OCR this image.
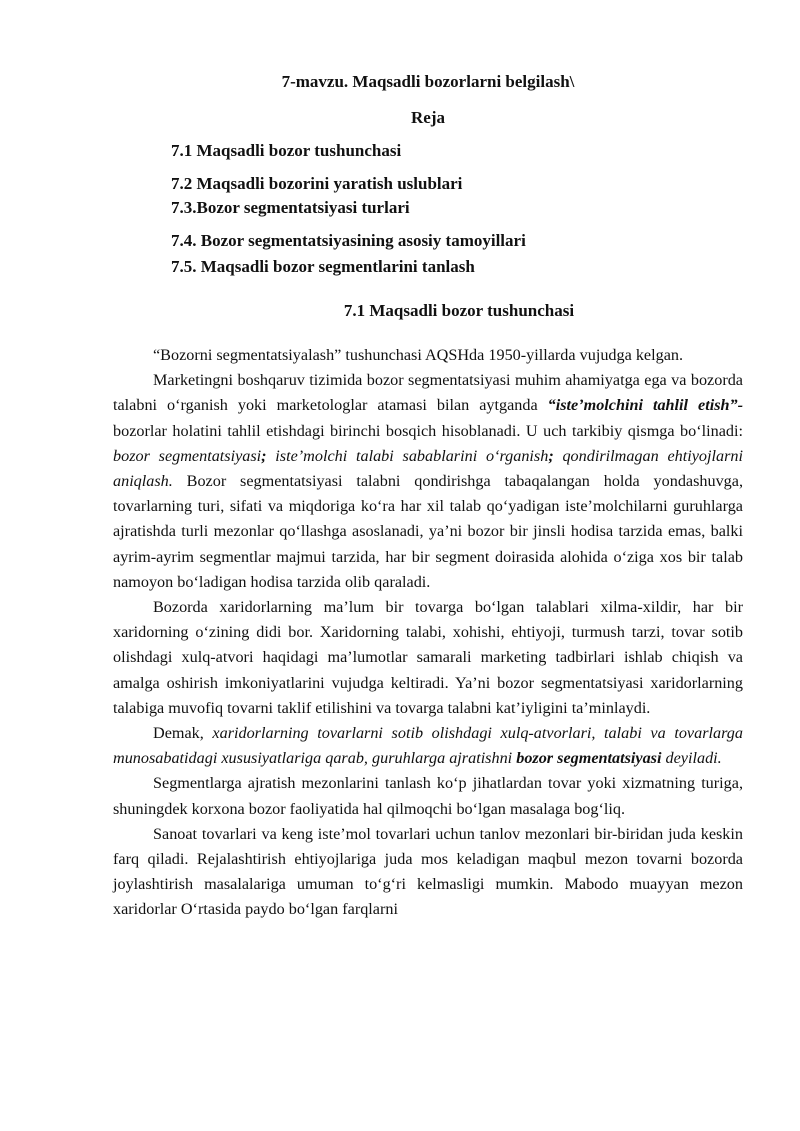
7-mavzu. Maqsadli bozorlarni belgilash\
Reja
7.1 Maqsadli bozor tushunchasi
7.2 Maqsadli bozorini yaratish uslublari
7.3.Bozor segmentatsiyasi turlari
7.4. Bozor segmentatsiyasining asosiy tamoyillari
7.5. Maqsadli bozor segmentlarini tanlash
7.1 Maqsadli bozor tushunchasi

“Bozorni segmentatsiyalash” tushunchasi AQSHda 1950-yillarda vujudga kelgan.

Marketingni boshqaruv tizimida bozor segmentatsiyasi muhim ahamiyatga ega va bozorda talabni o‘rganish yoki marketologlar atamasi bilan aytganda “iste’molchini tahlil etish”- bozorlar holatini tahlil etishdagi birinchi bosqich hisoblanadi. U uch tarkibiy qismga bo‘linadi: bozor segmentatsiyasi; iste’molchi talabi sabablarini o‘rganish; qondirilmagan ehtiyojlarni aniqlash. Bozor segmentatsiyasi talabni qondirishga tabaqalangan holda yondashuvga, tovarlarning turi, sifati va miqdoriga ko‘ra har xil talab qo‘yadigan iste’molchilarni guruhlarga ajratishda turli mezonlar qo‘llashga asoslanadi, ya’ni bozor bir jinsli hodisa tarzida emas, balki ayrim-ayrim segmentlar majmui tarzida, har bir segment doirasida alohida o‘ziga xos bir talab namoyon bo‘ladigan hodisa tarzida olib qaraladi.

Bozorda xaridorlarning ma’lum bir tovarga bo‘lgan talablari xilma-xildir, har bir xaridorning o‘zining didi bor. Xaridorning talabi, xohishi, ehtiyoji, turmush tarzi, tovar sotib olishdagi xulq-atvori haqidagi ma’lumotlar samarali marketing tadbirlari ishlab chiqish va amalga oshirish imkoniyatlarini vujudga keltiradi. Ya’ni bozor segmentatsiyasi xaridorlarning talabiga muvofiq tovarni taklif etilishini va tovarga talabni kat’iyligini ta’minlaydi.

Demak, xaridorlarning tovarlarni sotib olishdagi xulq-atvorlari, talabi va tovarlarga munosabatidagi xususiyatlariga qarab, guruhlarga ajratishni bozor segmentatsiyasi deyiladi.

Segmentlarga ajratish mezonlarini tanlash ko‘p jihatlardan tovar yoki xizmatning turiga, shuningdek korxona bozor faoliyatida hal qilmoqchi bo‘lgan masalaga bog‘liq.

Sanoat tovarlari va keng iste’mol tovarlari uchun tanlov mezonlari bir-biridan juda keskin farq qiladi. Rejalashtirish ehtiyojlariga juda mos keladigan maqbul mezon tovarni bozorda joylashtirish masalalariga umuman to‘g‘ri kelmasligi mumkin. Mabodo muayyan mezon xaridorlar O‘rtasida paydo bo‘lgan farqlarni
